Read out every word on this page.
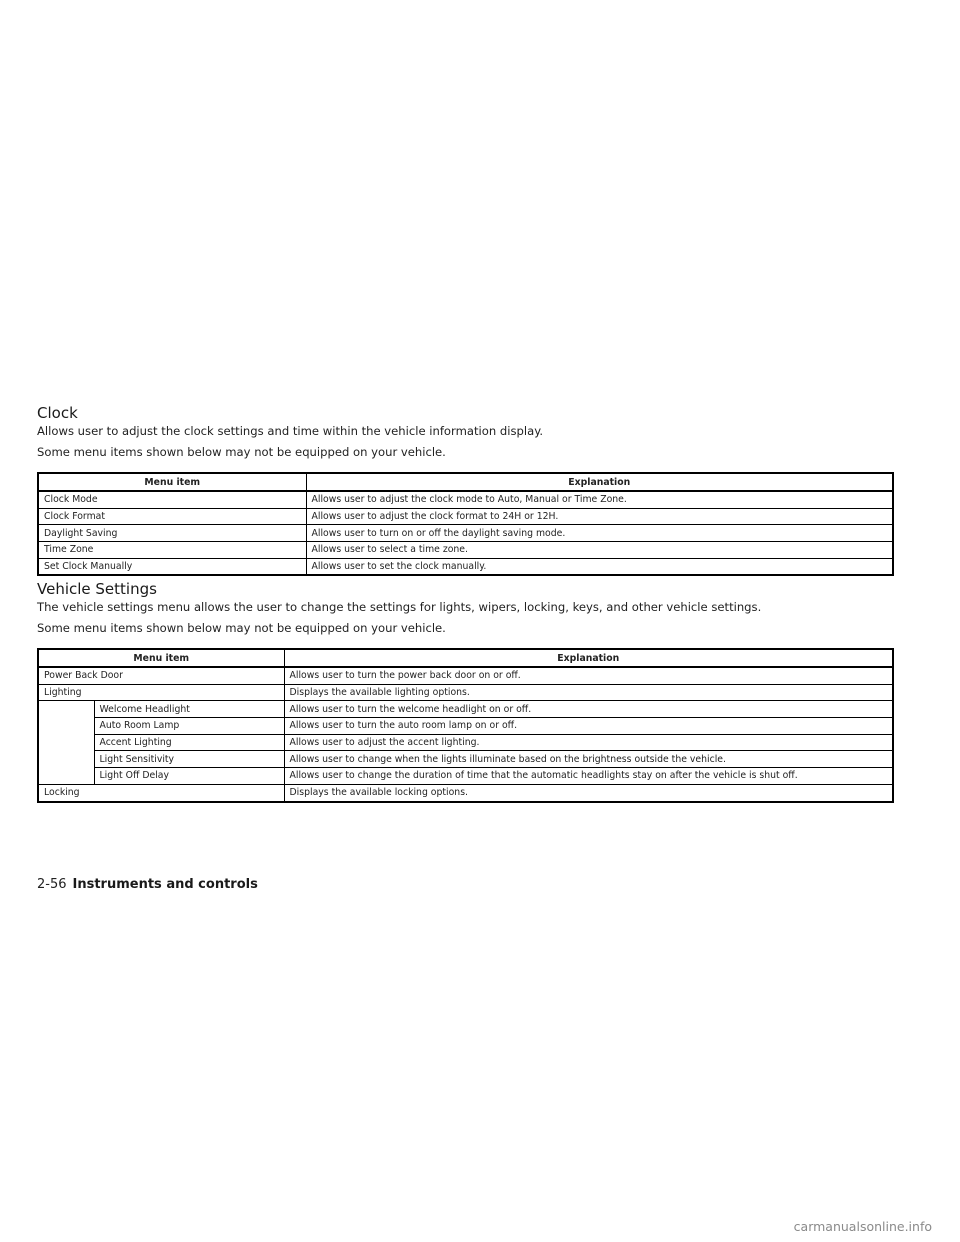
Clock

Allows user to adjust the clock settings and time within the vehicle information display.

Some menu items shown below may not be equipped on your vehicle.

Menu item	Explanation
Clock Mode	Allows user to adjust the clock mode to Auto, Manual or Time Zone.
Clock Format	Allows user to adjust the clock format to 24H or 12H.
Daylight Saving	Allows user to turn on or off the daylight saving mode.
Time Zone	Allows user to select a time zone.
Set Clock Manually	Allows user to set the clock manually.
Vehicle Settings

The vehicle settings menu allows the user to change the settings for lights, wipers, locking, keys, and other vehicle settings.

Some menu items shown below may not be equipped on your vehicle.

Menu item		Explanation
Power Back Door		Allows user to turn the power back door on or off.
Lighting		Displays the available lighting options.
	Welcome Headlight	Allows user to turn the welcome headlight on or off.
	Auto Room Lamp	Allows user to turn the auto room lamp on or off.
	Accent Lighting	Allows user to adjust the accent lighting.
	Light Sensitivity	Allows user to change when the lights illuminate based on the brightness outside the vehicle.
	Light Off Delay	Allows user to change the duration of time that the automatic headlights stay on after the vehicle is shut off.
Locking		Displays the available locking options.

2-56 Instruments and controls

carmanualsonline.info
